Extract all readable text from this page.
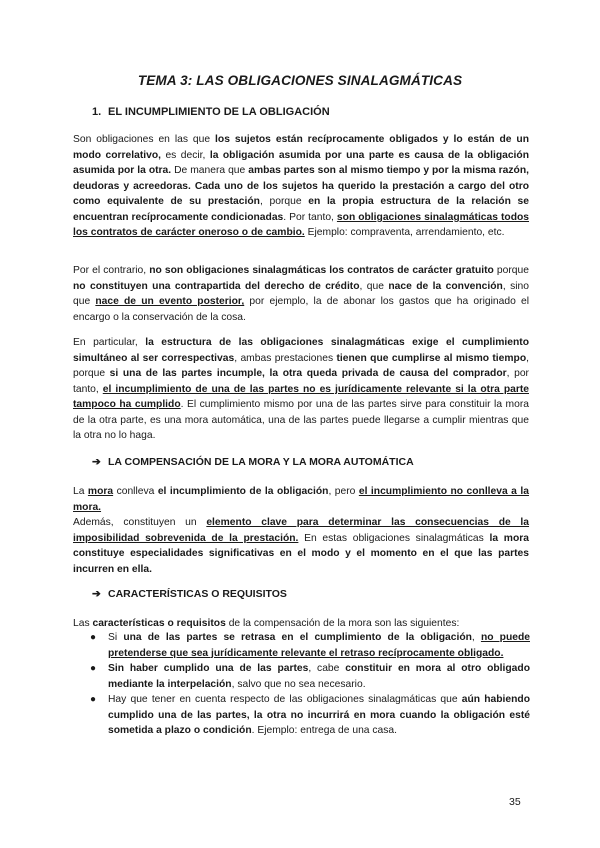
TEMA 3: LAS OBLIGACIONES SINALAGMÁTICAS
1. EL INCUMPLIMIENTO DE LA OBLIGACIÓN

Son obligaciones en las que los sujetos están recíprocamente obligados y lo están de un modo correlativo, es decir, la obligación asumida por una parte es causa de la obligación asumida por la otra. De manera que ambas partes son al mismo tiempo y por la misma razón, deudoras y acreedoras. Cada uno de los sujetos ha querido la prestación a cargo del otro como equivalente de su prestación, porque en la propia estructura de la relación se encuentran recíprocamente condicionadas. Por tanto, son obligaciones sinalagmáticas todos los contratos de carácter oneroso o de cambio. Ejemplo: compraventa, arrendamiento, etc.

Por el contrario, no son obligaciones sinalagmáticas los contratos de carácter gratuito porque no constituyen una contrapartida del derecho de crédito, que nace de la convención, sino que nace de un evento posterior, por ejemplo, la de abonar los gastos que ha originado el encargo o la conservación de la cosa.

En particular, la estructura de las obligaciones sinalagmáticas exige el cumplimiento simultáneo al ser correspectivas, ambas prestaciones tienen que cumplirse al mismo tiempo, porque si una de las partes incumple, la otra queda privada de causa del comprador, por tanto, el incumplimiento de una de las partes no es jurídicamente relevante si la otra parte tampoco ha cumplido. El cumplimiento mismo por una de las partes sirve para constituir la mora de la otra parte, es una mora automática, una de las partes puede llegarse a cumplir mientras que la otra no lo haga.

➔ LA COMPENSACIÓN DE LA MORA Y LA MORA AUTOMÁTICA

La mora conlleva el incumplimiento de la obligación, pero el incumplimiento no conlleva a la mora.

Además, constituyen un elemento clave para determinar las consecuencias de la imposibilidad sobrevenida de la prestación. En estas obligaciones sinalagmáticas la mora constituye especialidades significativas en el modo y el momento en el que las partes incurren en ella.

➔ CARACTERÍSTICAS O REQUISITOS

Las características o requisitos de la compensación de la mora son las siguientes:

● Si una de las partes se retrasa en el cumplimiento de la obligación, no puede pretenderse que sea jurídicamente relevante el retraso recíprocamente obligado.
● Sin haber cumplido una de las partes, cabe constituir en mora al otro obligado mediante la interpelación, salvo que no sea necesario.
● Hay que tener en cuenta respecto de las obligaciones sinalagmáticas que aún habiendo cumplido una de las partes, la otra no incurrirá en mora cuando la obligación esté sometida a plazo o condición. Ejemplo: entrega de una casa.
35
